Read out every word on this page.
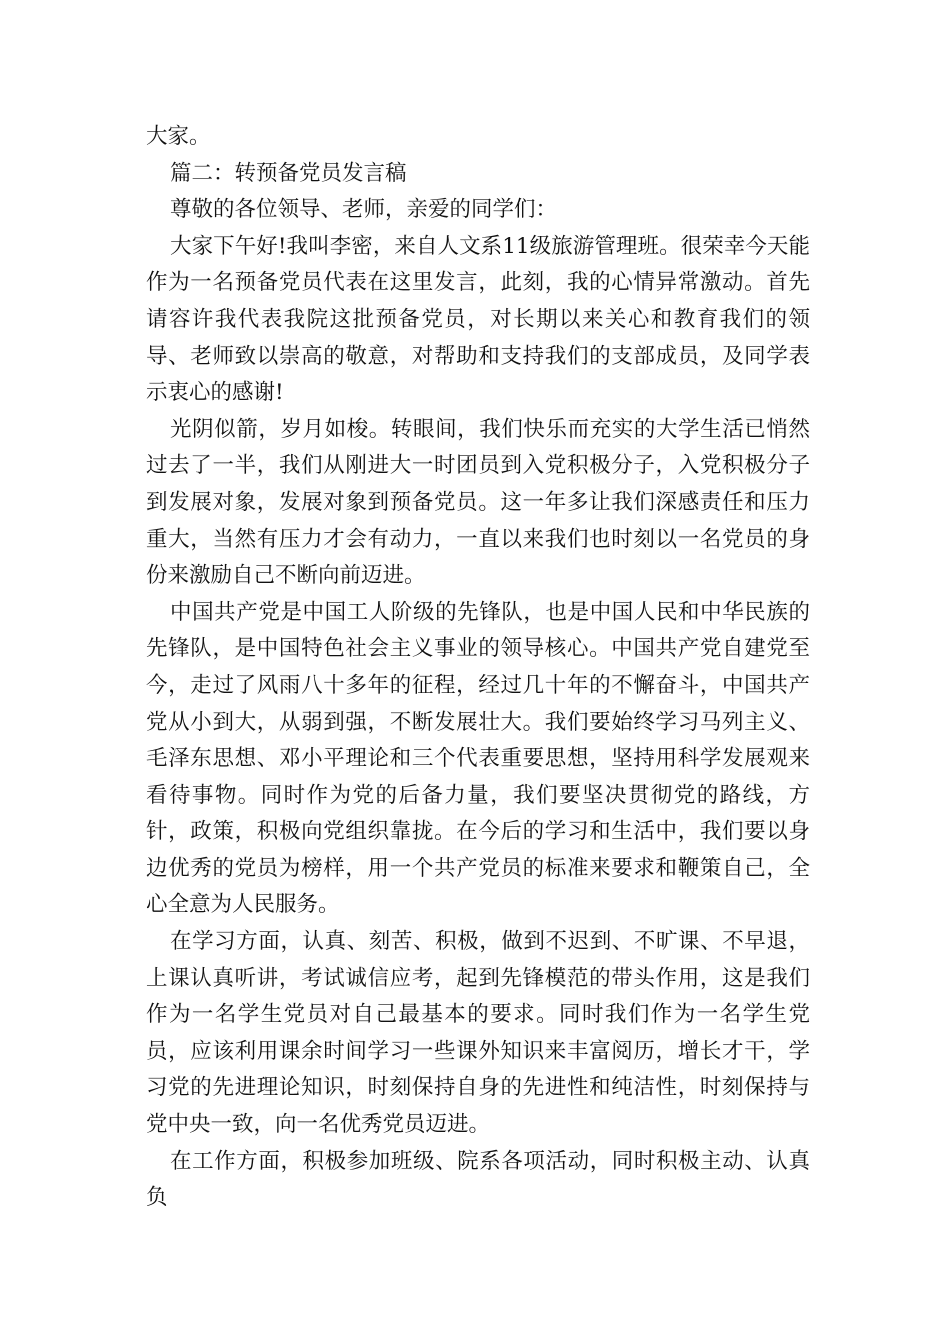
大家。

篇二：转预备党员发言稿

尊敬的各位领导、老师，亲爱的同学们：

大家下午好!我叫李密，来自人文系11级旅游管理班。很荣幸今天能作为一名预备党员代表在这里发言，此刻，我的心情异常激动。首先请容许我代表我院这批预备党员，对长期以来关心和教育我们的领导、老师致以崇高的敬意，对帮助和支持我们的支部成员，及同学表示衷心的感谢!

光阴似箭，岁月如梭。转眼间，我们快乐而充实的大学生活已悄然过去了一半，我们从刚进大一时团员到入党积极分子，入党积极分子到发展对象，发展对象到预备党员。这一年多让我们深感责任和压力重大，当然有压力才会有动力，一直以来我们也时刻以一名党员的身份来激励自己不断向前迈进。

中国共产党是中国工人阶级的先锋队，也是中国人民和中华民族的先锋队，是中国特色社会主义事业的领导核心。中国共产党自建党至今，走过了风雨八十多年的征程，经过几十年的不懈奋斗，中国共产党从小到大，从弱到强，不断发展壮大。我们要始终学习马列主义、毛泽东思想、邓小平理论和三个代表重要思想，坚持用科学发展观来看待事物。同时作为党的后备力量，我们要坚决贯彻党的路线，方针，政策，积极向党组织靠拢。在今后的学习和生活中，我们要以身边优秀的党员为榜样，用一个共产党员的标准来要求和鞭策自己，全心全意为人民服务。

在学习方面，认真、刻苦、积极，做到不迟到、不旷课、不早退，上课认真听讲，考试诚信应考，起到先锋模范的带头作用，这是我们作为一名学生党员对自己最基本的要求。同时我们作为一名学生党员，应该利用课余时间学习一些课外知识来丰富阅历，增长才干，学习党的先进理论知识，时刻保持自身的先进性和纯洁性，时刻保持与党中央一致，向一名优秀党员迈进。

在工作方面，积极参加班级、院系各项活动，同时积极主动、认真负
